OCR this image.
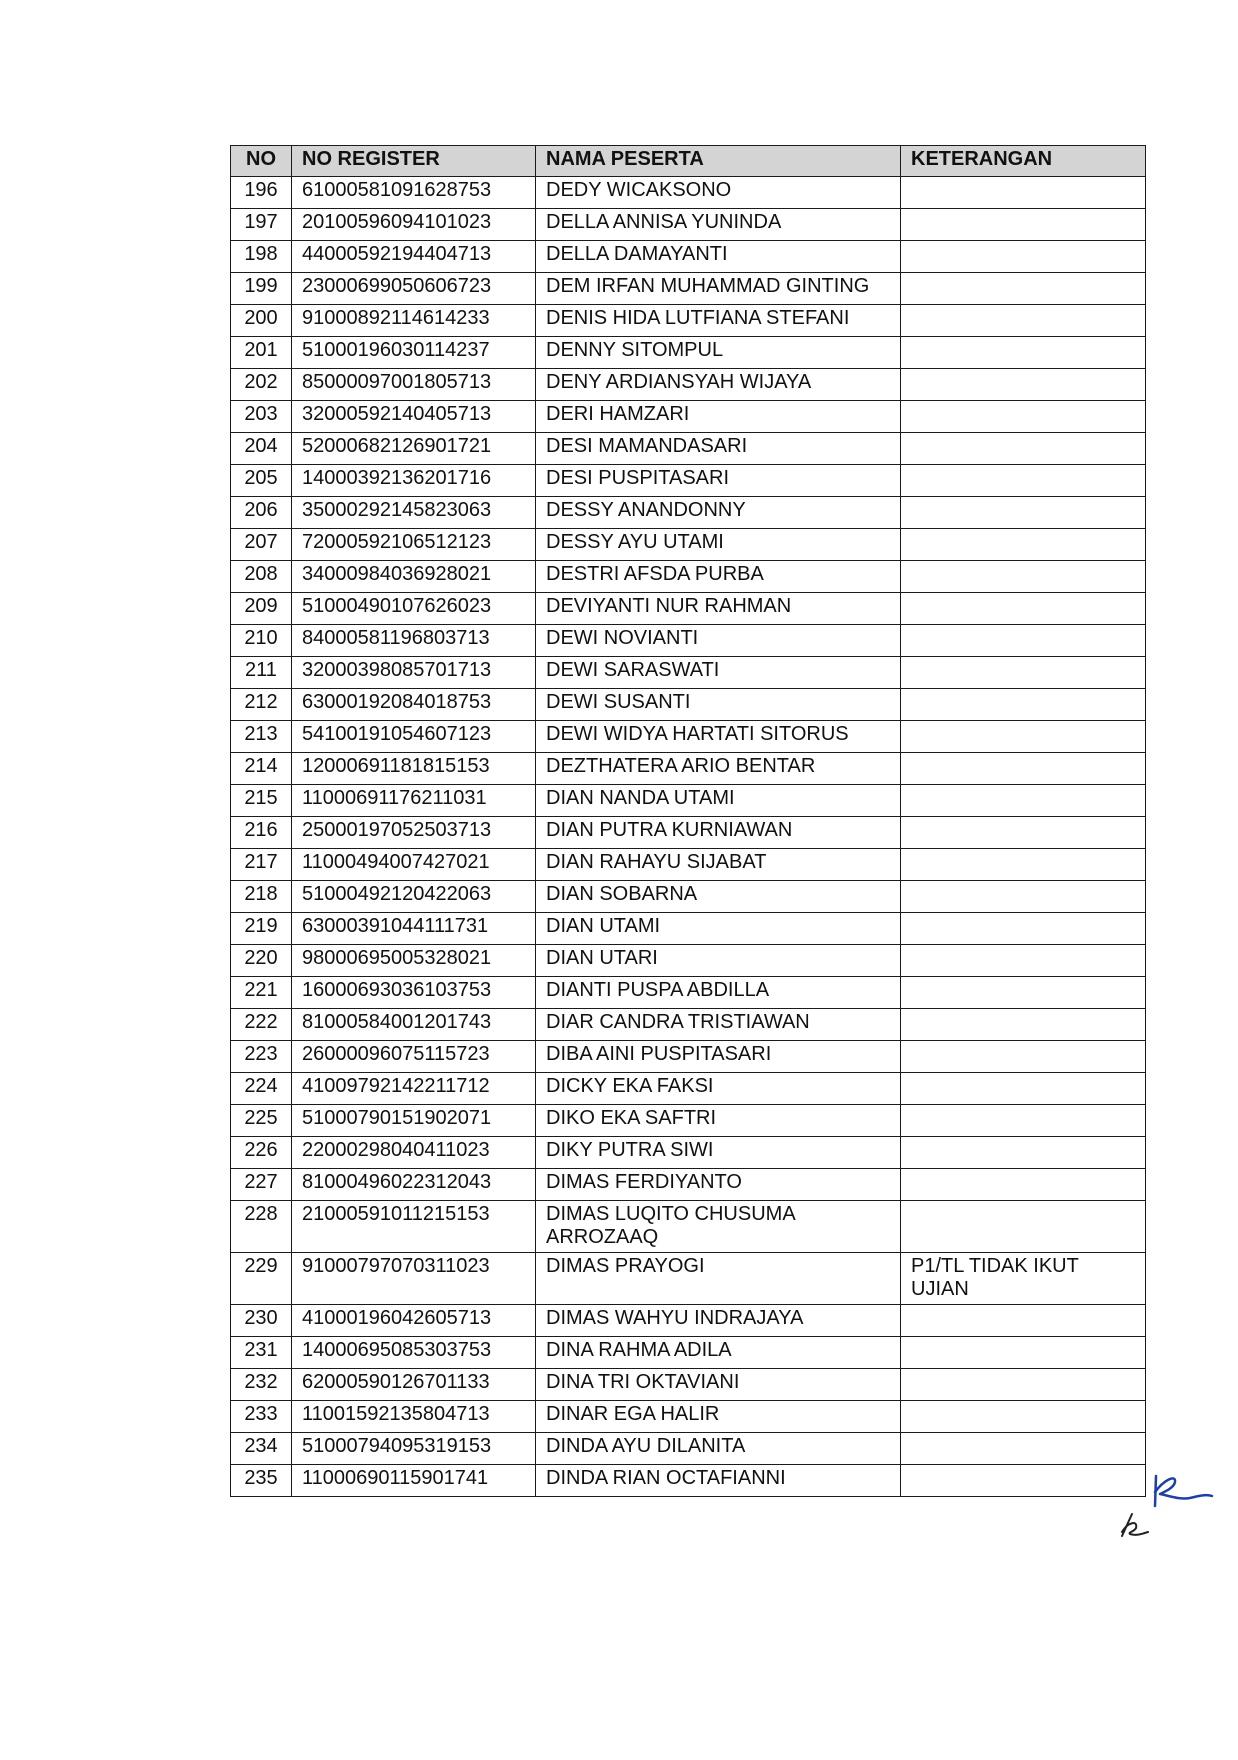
NO	NO REGISTER	NAMA PESERTA	KETERANGAN
196	61000581091628753	DEDY WICAKSONO	
197	20100596094101023	DELLA ANNISA YUNINDA	
198	44000592194404713	DELLA DAMAYANTI	
199	23000699050606723	DEM IRFAN MUHAMMAD GINTING	
200	91000892114614233	DENIS HIDA LUTFIANA STEFANI	
201	51000196030114237	DENNY SITOMPUL	
202	85000097001805713	DENY ARDIANSYAH WIJAYA	
203	32000592140405713	DERI HAMZARI	
204	52000682126901721	DESI MAMANDASARI	
205	14000392136201716	DESI PUSPITASARI	
206	35000292145823063	DESSY ANANDONNY	
207	72000592106512123	DESSY AYU UTAMI	
208	34000984036928021	DESTRI AFSDA PURBA	
209	51000490107626023	DEVIYANTI NUR RAHMAN	
210	84000581196803713	DEWI NOVIANTI	
211	32000398085701713	DEWI SARASWATI	
212	63000192084018753	DEWI SUSANTI	
213	54100191054607123	DEWI WIDYA HARTATI SITORUS	
214	12000691181815153	DEZTHATERA ARIO BENTAR	
215	11000691176211031	DIAN NANDA UTAMI	
216	25000197052503713	DIAN PUTRA KURNIAWAN	
217	11000494007427021	DIAN RAHAYU SIJABAT	
218	51000492120422063	DIAN SOBARNA	
219	63000391044111731	DIAN UTAMI	
220	98000695005328021	DIAN UTARI	
221	16000693036103753	DIANTI PUSPA ABDILLA	
222	81000584001201743	DIAR CANDRA TRISTIAWAN	
223	26000096075115723	DIBA AINI PUSPITASARI	
224	41009792142211712	DICKY EKA FAKSI	
225	51000790151902071	DIKO EKA SAFTRI	
226	22000298040411023	DIKY PUTRA SIWI	
227	81000496022312043	DIMAS FERDIYANTO	
228	21000591011215153	DIMAS LUQITO CHUSUMA ARROZAAQ	
229	91000797070311023	DIMAS PRAYOGI	P1/TL TIDAK IKUT UJIAN
230	41000196042605713	DIMAS WAHYU INDRAJAYA	
231	14000695085303753	DINA RAHMA ADILA	
232	62000590126701133	DINA TRI OKTAVIANI	
233	11001592135804713	DINAR EGA HALIR	
234	51000794095319153	DINDA AYU DILANITA	
235	11000690115901741	DINDA RIAN OCTAFIANNI	
